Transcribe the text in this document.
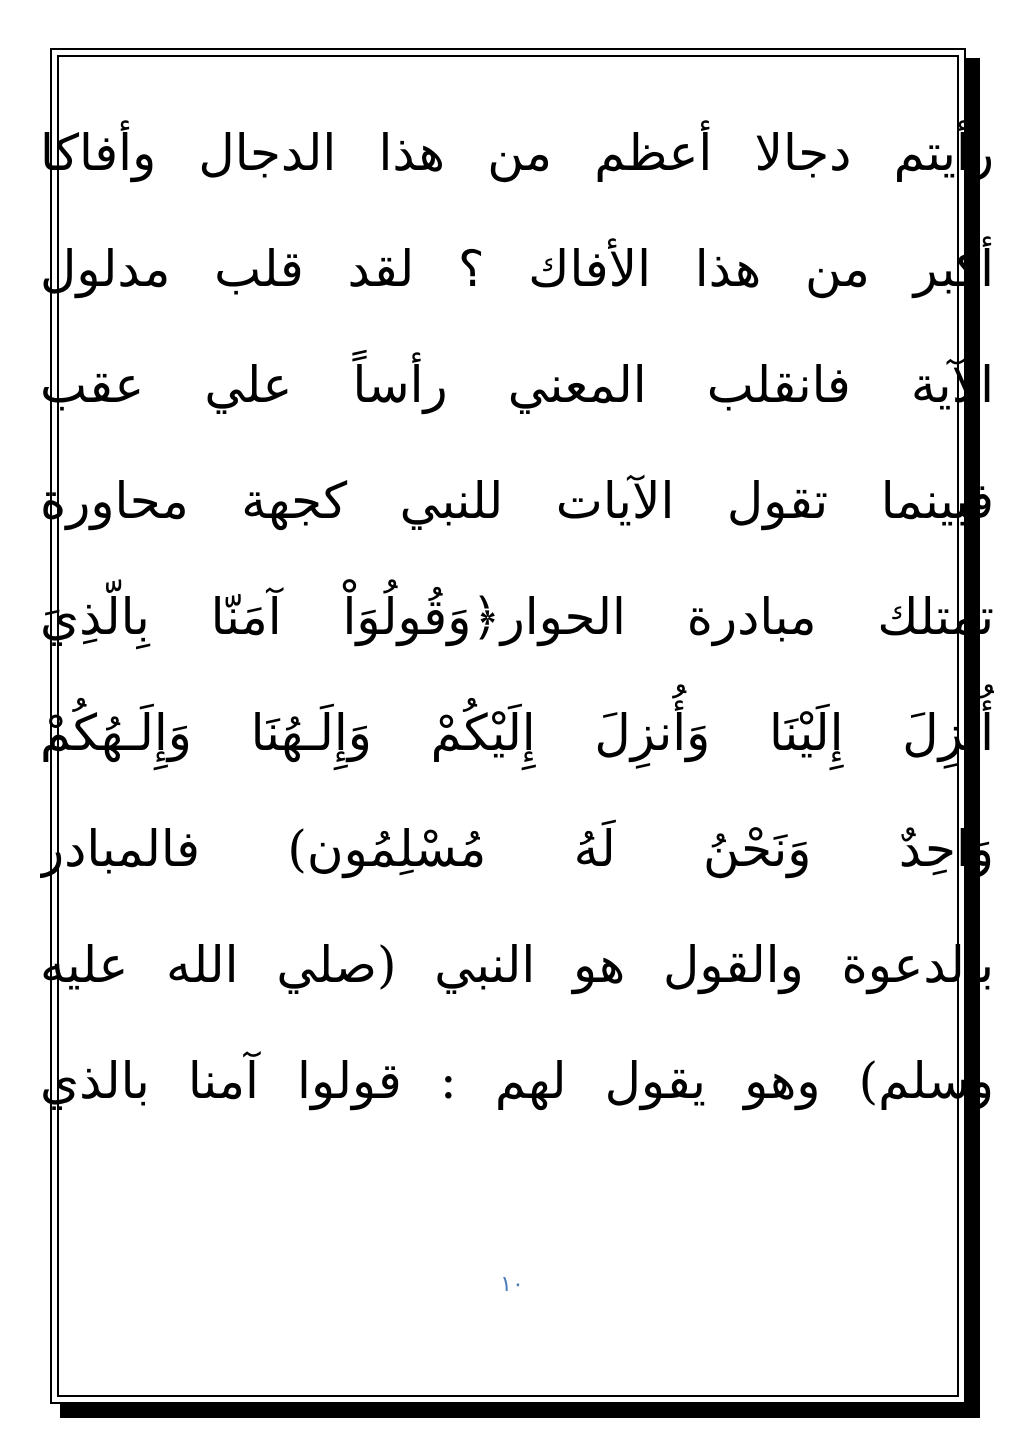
رأيتم دجالا أعظم من هذا الدجال وأفاكا
أكبر من هذا الأفاك ؟ لقد قلب مدلول
الآية فانقلب المعني رأساً علي عقب
فبينما تقول الآيات للنبي كجهة محاورة
تمتلك مبادرة الحوار﴿وَقُولُوَاْ آمَنّا بِالّذِيَ
أُنزِلَ إِلَيْنَا وَأُنزِلَ إِلَيْكُمْ وَإِلَـهُنَا وَإِلَـهُكُمْ
وَاحِدٌ وَنَحْنُ لَهُ مُسْلِمُون) فالمبادر
بالدعوة والقول هو النبي (صلي الله عليه
وسلم) وهو يقول لهم : قولوا آمنا بالذي
١٠
